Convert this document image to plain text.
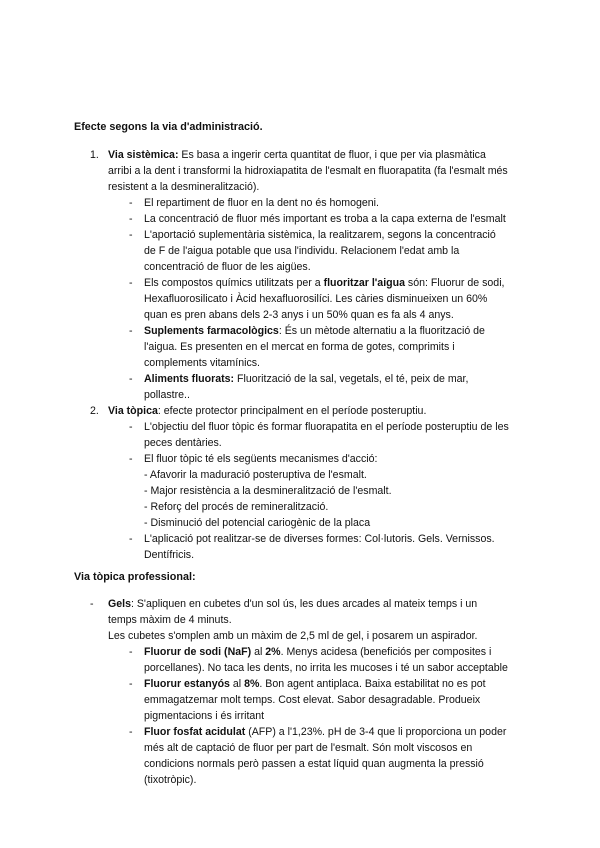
Efecte segons la via d'administració.
1. Via sistèmica: Es basa a ingerir certa quantitat de fluor, i que per via plasmàtica
arribi a la dent i transformi la hidroxiapatita de l'esmalt en fluorapatita (fa l'esmalt més
resistent a la desmineralització).
- El repartiment de fluor en la dent no és homogeni.
- La concentració de fluor més important es troba a la capa externa de l'esmalt
- L'aportació suplementària sistèmica, la realitzarem, segons la concentració
de F de l'aigua potable que usa l'individu. Relacionem l'edat amb la
concentració de fluor de les aigües.
- Els compostos químics utilitzats per a fluoritzar l'aigua són: Fluorur de sodi,
Hexafluorosilicato i Àcid hexafluorosilíci. Les càries disminueixen un 60%
quan es pren abans dels 2-3 anys i un 50% quan es fa als 4 anys.
- Suplements farmacològics: És un mètode alternatiu a la fluorització de
l'aigua. Es presenten en el mercat en forma de gotes, comprimits i
complements vitamínics.
- Aliments fluorats: Fluorització de la sal, vegetals, el té, peix de mar,
pollastre..
2. Via tòpica: efecte protector principalment en el període posteruptiu.
- L'objectiu del fluor tòpic és formar fluorapatita en el període posteruptiu de les
peces dentàries.
- El fluor tòpic té els següents mecanismes d'acció:
- Afavorir la maduració posteruptiva de l'esmalt.
- Major resistència a la desmineralització de l'esmalt.
- Reforç del procés de remineralització.
- Disminució del potencial cariogènic de la placa
- L'aplicació pot realitzar-se de diverses formes: Col·lutoris. Gels. Vernissos.
Dentífricis.
Via tòpica professional:
- Gels: S'apliquen en cubetes d'un sol ús, les dues arcades al mateix temps i un
temps màxim de 4 minuts.
Les cubetes s'omplen amb un màxim de 2,5 ml de gel, i posarem un aspirador.
- Fluorur de sodi (NaF) al 2%. Menys acidesa (beneficiós per composites i
porcellanes). No taca les dents, no irrita les mucoses i té un sabor acceptable
- Fluorur estanyós al 8%. Bon agent antiplaca. Baixa estabilitat no es pot
emmagatzemar molt temps. Cost elevat. Sabor desagradable. Produeix
pigmentacions i és irritant
- Fluor fosfat acidulat (AFP) a l'1,23%. pH de 3-4 que li proporciona un poder
més alt de captació de fluor per part de l'esmalt. Són molt viscosos en
condicions normals però passen a estat líquid quan augmenta la pressió
(tixotròpic).
